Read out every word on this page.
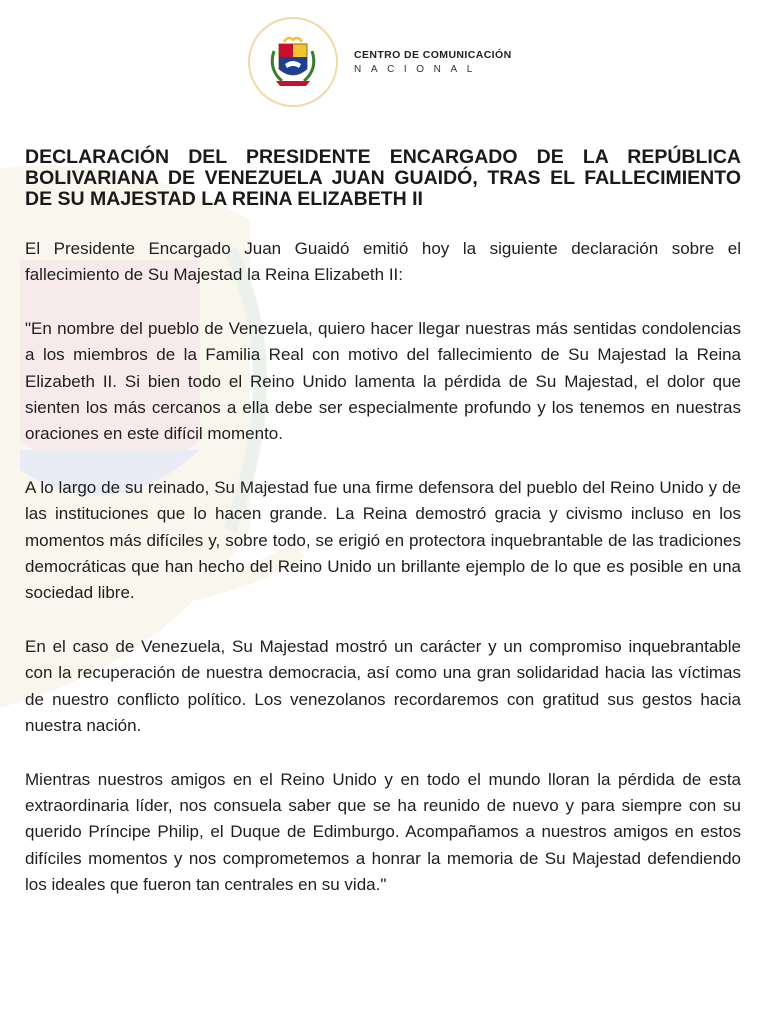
CENTRO DE COMUNICACIÓN
NACIONAL
DECLARACIÓN DEL PRESIDENTE ENCARGADO DE LA REPÚBLICA BOLIVARIANA DE VENEZUELA JUAN GUAIDÓ, TRAS EL FALLECIMIENTO DE SU MAJESTAD LA REINA ELIZABETH II

El Presidente Encargado Juan Guaidó emitió hoy la siguiente declaración sobre el fallecimiento de Su Majestad la Reina Elizabeth II:

"En nombre del pueblo de Venezuela, quiero hacer llegar nuestras más sentidas condolencias a los miembros de la Familia Real con motivo del fallecimiento de Su Majestad la Reina Elizabeth II. Si bien todo el Reino Unido lamenta la pérdida de Su Majestad, el dolor que sienten los más cercanos a ella debe ser especialmente profundo y los tenemos en nuestras oraciones en este difícil momento.

A lo largo de su reinado, Su Majestad fue una firme defensora del pueblo del Reino Unido y de las instituciones que lo hacen grande. La Reina demostró gracia y civismo incluso en los momentos más difíciles y, sobre todo, se erigió en protectora inquebrantable de las tradiciones democráticas que han hecho del Reino Unido un brillante ejemplo de lo que es posible en una sociedad libre.

En el caso de Venezuela, Su Majestad mostró un carácter y un compromiso inquebrantable con la recuperación de nuestra democracia, así como una gran solidaridad hacia las víctimas de nuestro conflicto político. Los venezolanos recordaremos con gratitud sus gestos hacia nuestra nación.

Mientras nuestros amigos en el Reino Unido y en todo el mundo lloran la pérdida de esta extraordinaria líder, nos consuela saber que se ha reunido de nuevo y para siempre con su querido Príncipe Philip, el Duque de Edimburgo. Acompañamos a nuestros amigos en estos difíciles momentos y nos comprometemos a honrar la memoria de Su Majestad defendiendo los ideales que fueron tan centrales en su vida."
